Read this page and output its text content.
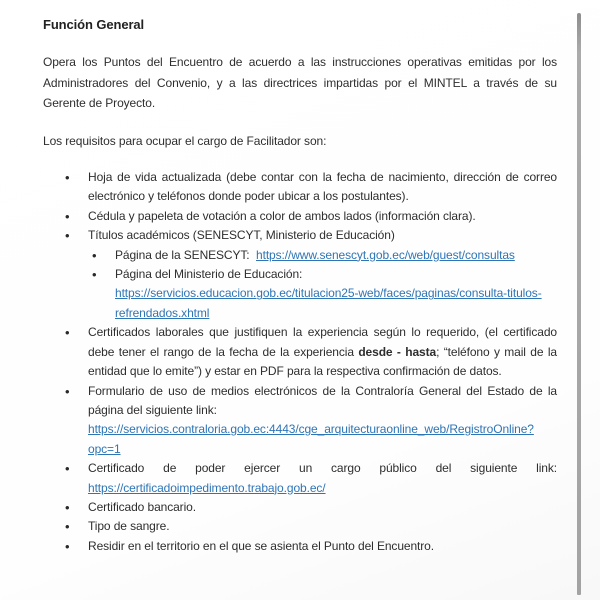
Función General

Opera los Puntos del Encuentro de acuerdo a las instrucciones operativas emitidas por los Administradores del Convenio, y a las directrices impartidas por el MINTEL a través de su Gerente de Proyecto.

Los requisitos para ocupar el cargo de Facilitador son:

• Hoja de vida actualizada (debe contar con la fecha de nacimiento, dirección de correo electrónico y teléfonos donde poder ubicar a los postulantes).
• Cédula y papeleta de votación a color de ambos lados (información clara).
• Títulos académicos (SENESCYT, Ministerio de Educación)
• Página de la SENESCYT:  https://www.senescyt.gob.ec/web/guest/consultas
• Página del Ministerio de Educación:
https://servicios.educacion.gob.ec/titulacion25-web/faces/paginas/consulta-titulos-refrendados.xhtml
• Certificados laborales que justifiquen la experiencia según lo requerido, (el certificado debe tener el rango de la fecha de la experiencia desde - hasta; “teléfono y mail de la entidad que lo emite”) y estar en PDF para la respectiva confirmación de datos.
• Formulario de uso de medios electrónicos de la Contraloría General del Estado de la página del siguiente link:
https://servicios.contraloria.gob.ec:4443/cge_arquitecturaonline_web/RegistroOnline?opc=1
• Certificado de poder ejercer un cargo público del siguiente link: https://certificadoimpedimento.trabajo.gob.ec/
• Certificado bancario.
• Tipo de sangre.
• Residir en el territorio en el que se asienta el Punto del Encuentro.
